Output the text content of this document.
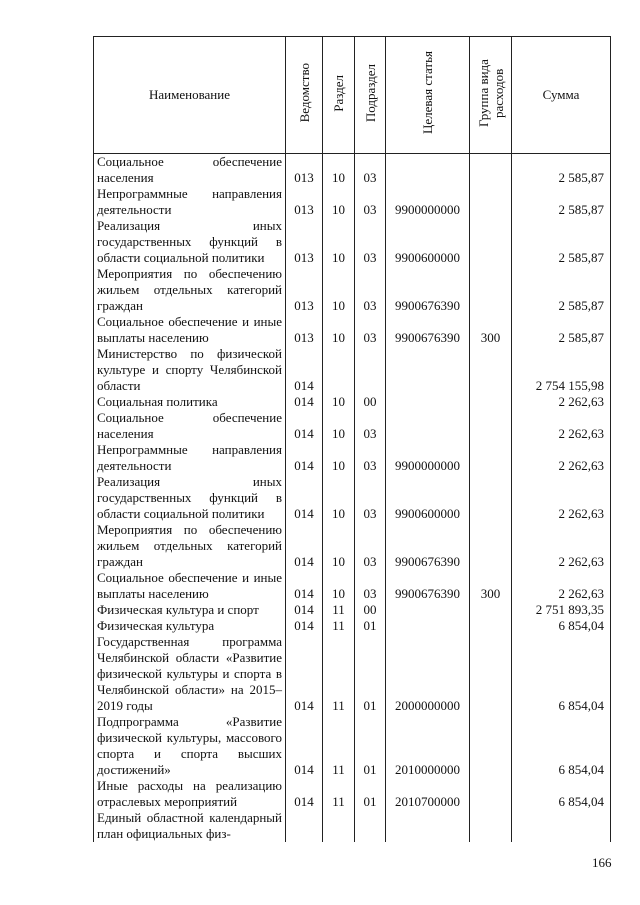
Наименование	Ведомство	Раздел	Подраздел	Целевая статья	Группа вида расходов	Сумма
Социальное обеспечение населения	013	10	03			2 585,87
Непрограммные направления деятельности	013	10	03	9900000000		2 585,87
Реализация иных государственных функций в области социальной политики	013	10	03	9900600000		2 585,87
Мероприятия по обеспечению жильем отдельных категорий граждан	013	10	03	9900676390		2 585,87
Социальное обеспечение и иные выплаты населению	013	10	03	9900676390	300	2 585,87
Министерство по физической культуре и спорту Челябинской области	014					2 754 155,98
Социальная политика	014	10	00			2 262,63
Социальное обеспечение населения	014	10	03			2 262,63
Непрограммные направления деятельности	014	10	03	9900000000		2 262,63
Реализация иных государственных функций в области социальной политики	014	10	03	9900600000		2 262,63
Мероприятия по обеспечению жильем отдельных категорий граждан	014	10	03	9900676390		2 262,63
Социальное обеспечение и иные выплаты населению	014	10	03	9900676390	300	2 262,63
Физическая культура и спорт	014	11	00			2 751 893,35
Физическая культура	014	11	01			6 854,04
Государственная программа Челябинской области «Развитие физической культуры и спорта в Челябинской области» на 2015–2019 годы	014	11	01	2000000000		6 854,04
Подпрограмма «Развитие физической культуры, массового спорта и спорта высших достижений»	014	11	01	2010000000		6 854,04
Иные расходы на реализацию отраслевых мероприятий	014	11	01	2010700000		6 854,04
Единый областной календарный план официальных физ-						
166
